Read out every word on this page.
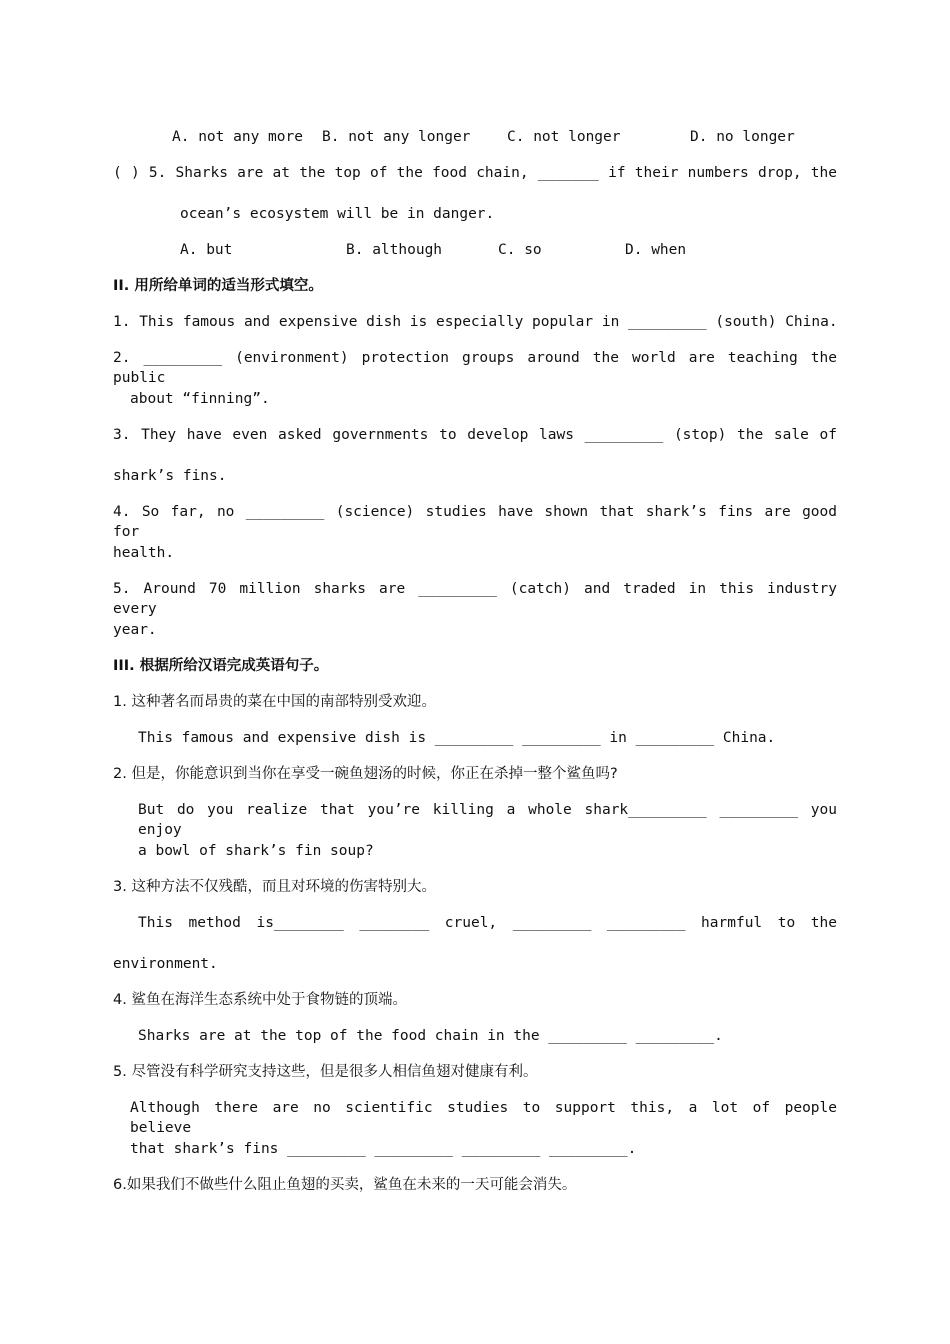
A. not any more B. not any longer	C. not longer	D. no longer
( ) 5. Sharks are at the top of the food chain, _______ if their numbers drop, the
ocean’s ecosystem will be in danger.
A. but	B. although	C. so	D. when
II. 用所给单词的适当形式填空。
1. This famous and expensive dish is especially popular in _________ (south) China.
2. _________ (environment) protection groups around the world are teaching the public
about “finning”.
3. They have even asked governments to develop laws _________ (stop) the sale of
shark’s fins.
4. So far, no _________ (science) studies have shown that shark’s fins are good for
health.
5. Around 70 million sharks are _________ (catch) and traded in this industry every
year.
III. 根据所给汉语完成英语句子。
1. 这种著名而昂贵的菜在中国的南部特别受欢迎。
This famous and expensive dish is _________ _________ in _________ China.
2. 但是，你能意识到当你在享受一碗鱼翅汤的时候，你正在杀掉一整个鲨鱼吗?
But do you realize that you’re killing a whole shark_________ _________ you enjoy
a bowl of shark’s fin soup?
3. 这种方法不仅残酷，而且对环境的伤害特别大。
This method is________ ________ cruel, _________ _________ harmful to the
environment.
4. 鲨鱼在海洋生态系统中处于食物链的顶端。
Sharks are at the top of the food chain in the _________ _________.
5. 尽管没有科学研究支持这些，但是很多人相信鱼翅对健康有利。
Although there are no scientific studies to support this, a lot of people believe
that shark’s fins _________ _________ _________ _________.
6.如果我们不做些什么阻止鱼翅的买卖，鲨鱼在未来的一天可能会消失。
